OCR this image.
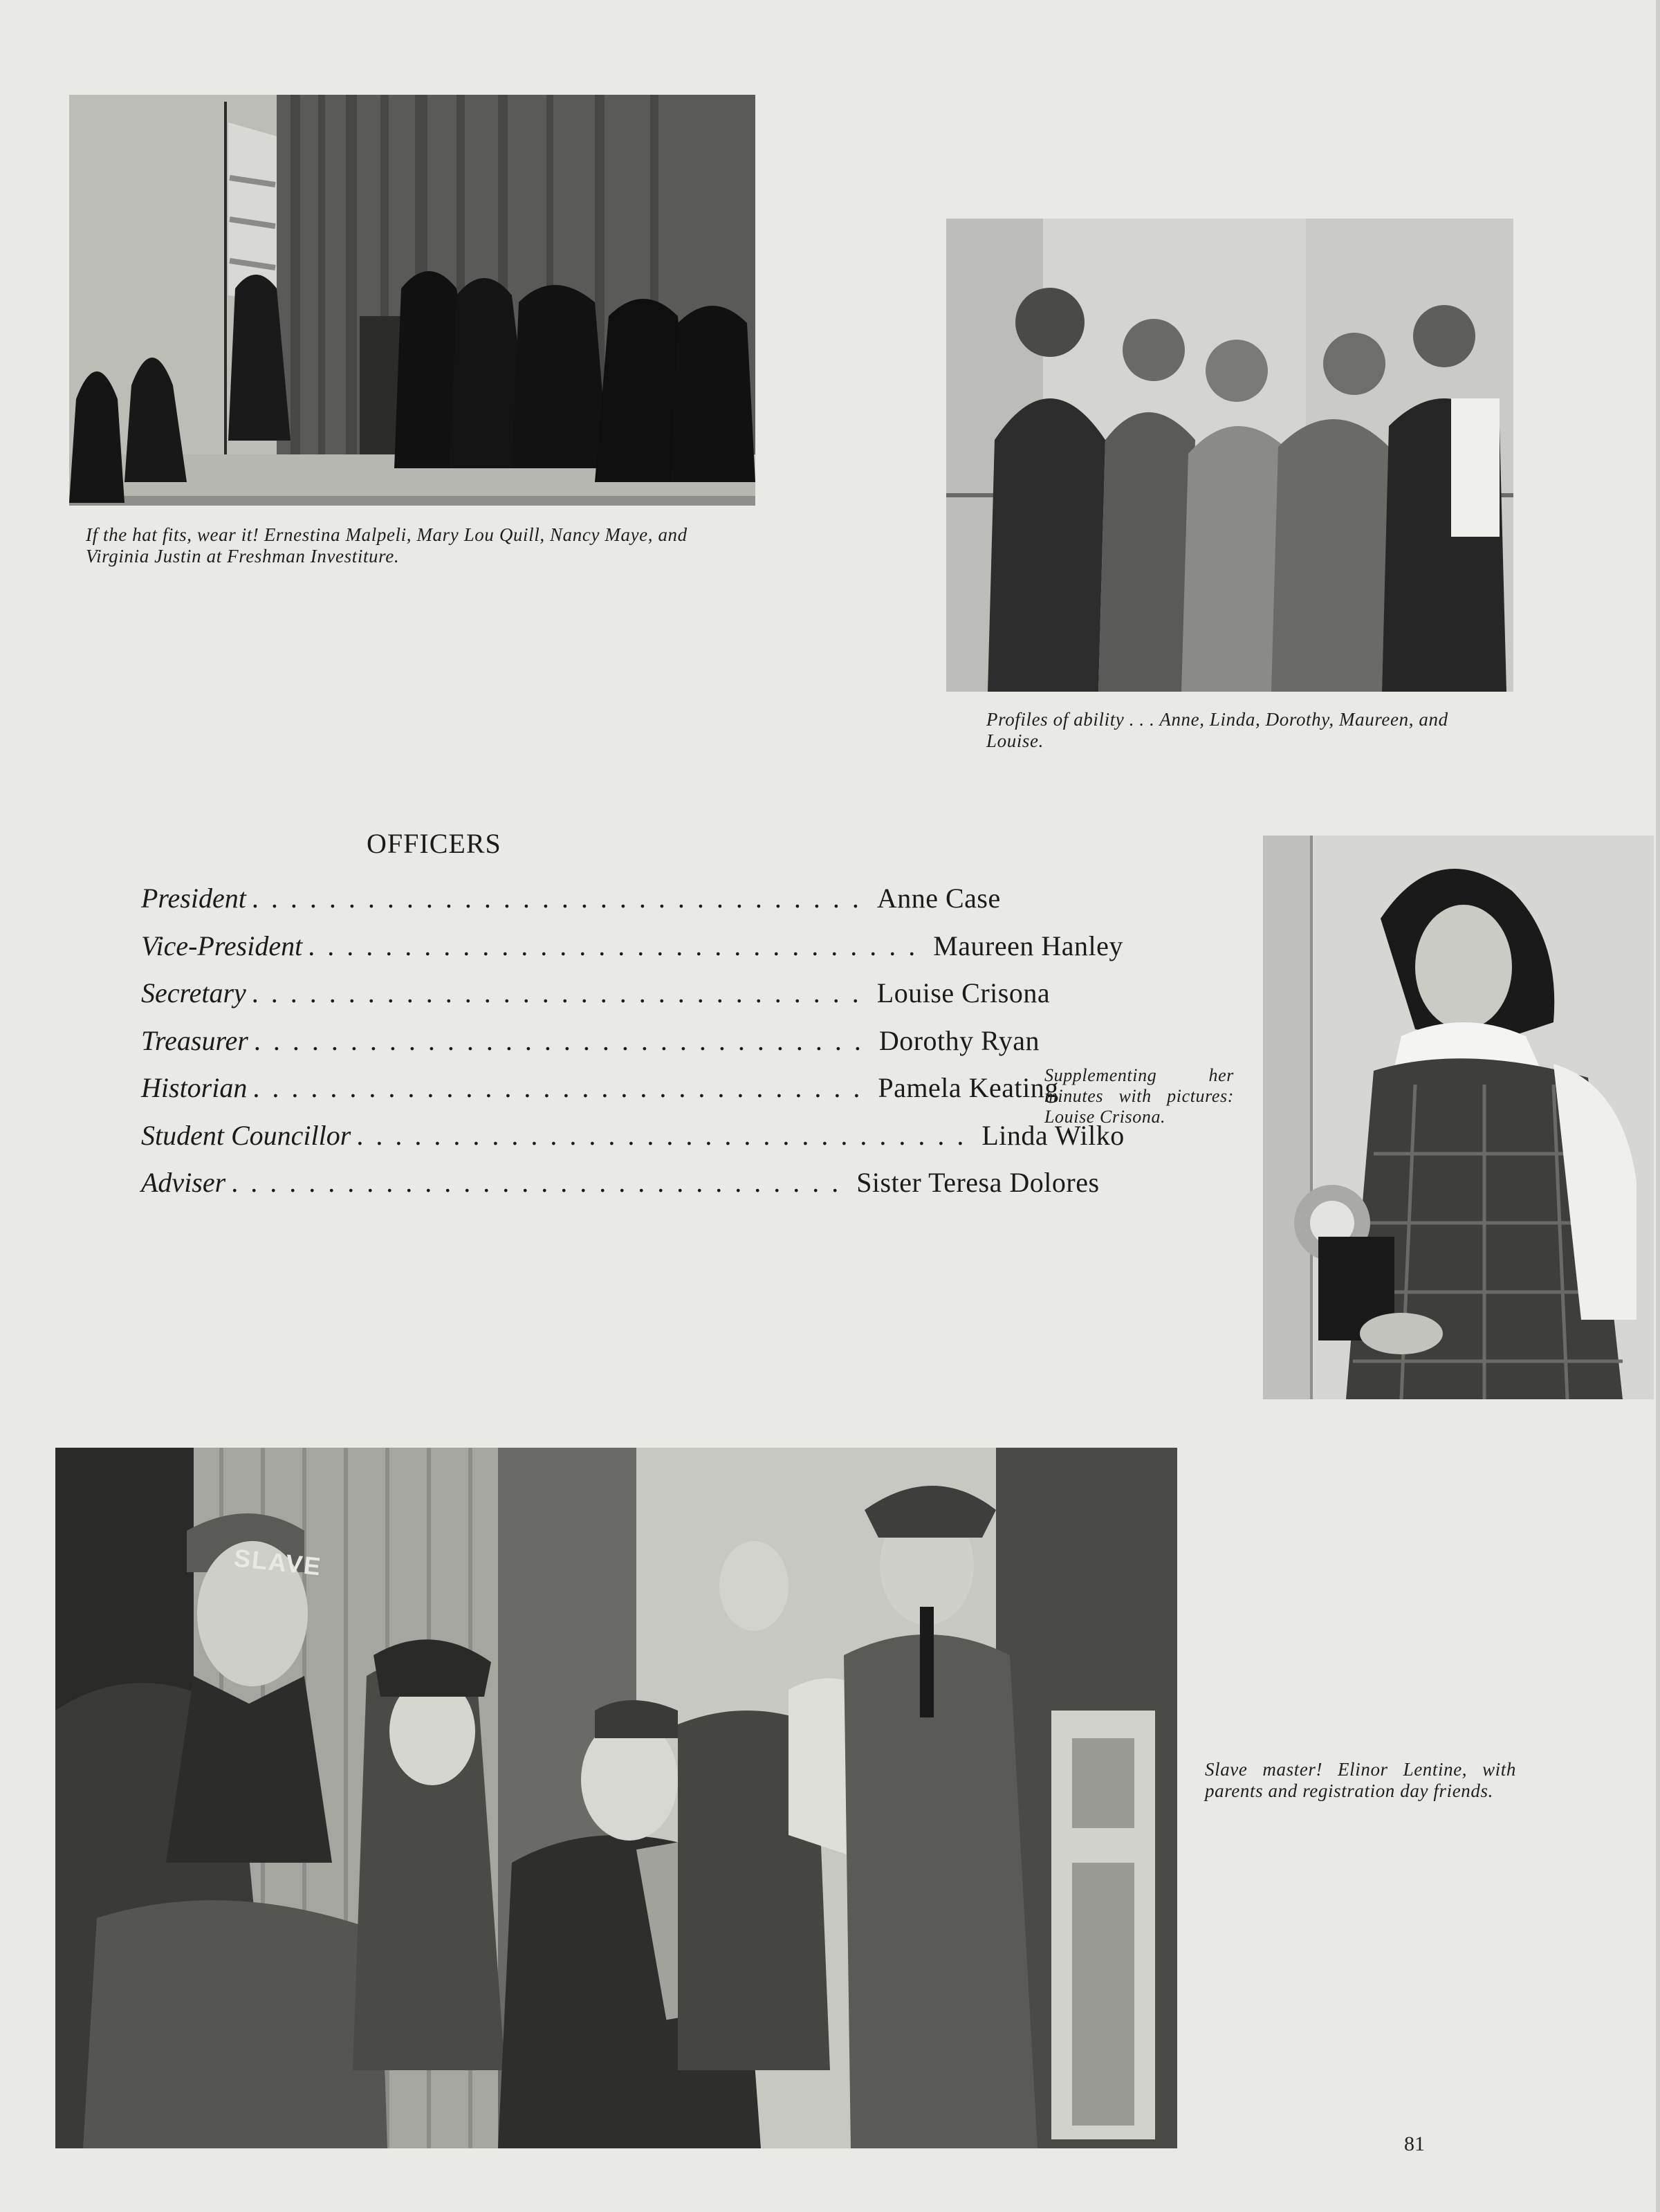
If the hat fits, wear it! Ernestina Malpeli, Mary Lou Quill, Nancy Maye, and Virginia Justin at Freshman Investiture.
Profiles of ability . . . Anne, Linda, Dorothy, Maureen, and Louise.
OFFICERS
President ................................ Anne Case
Vice-President ................................ Maureen Hanley
Secretary ................................ Louise Crisona
Treasurer ................................ Dorothy Ryan
Historian ................................ Pamela Keating
Student Councillor ................................ Linda Wilko
Adviser ................................ Sister Teresa Dolores
Supplementing her minutes with pictures: Louise Crisona.
SLAVE
Slave master! Elinor Lentine, with parents and registration day friends.
81
